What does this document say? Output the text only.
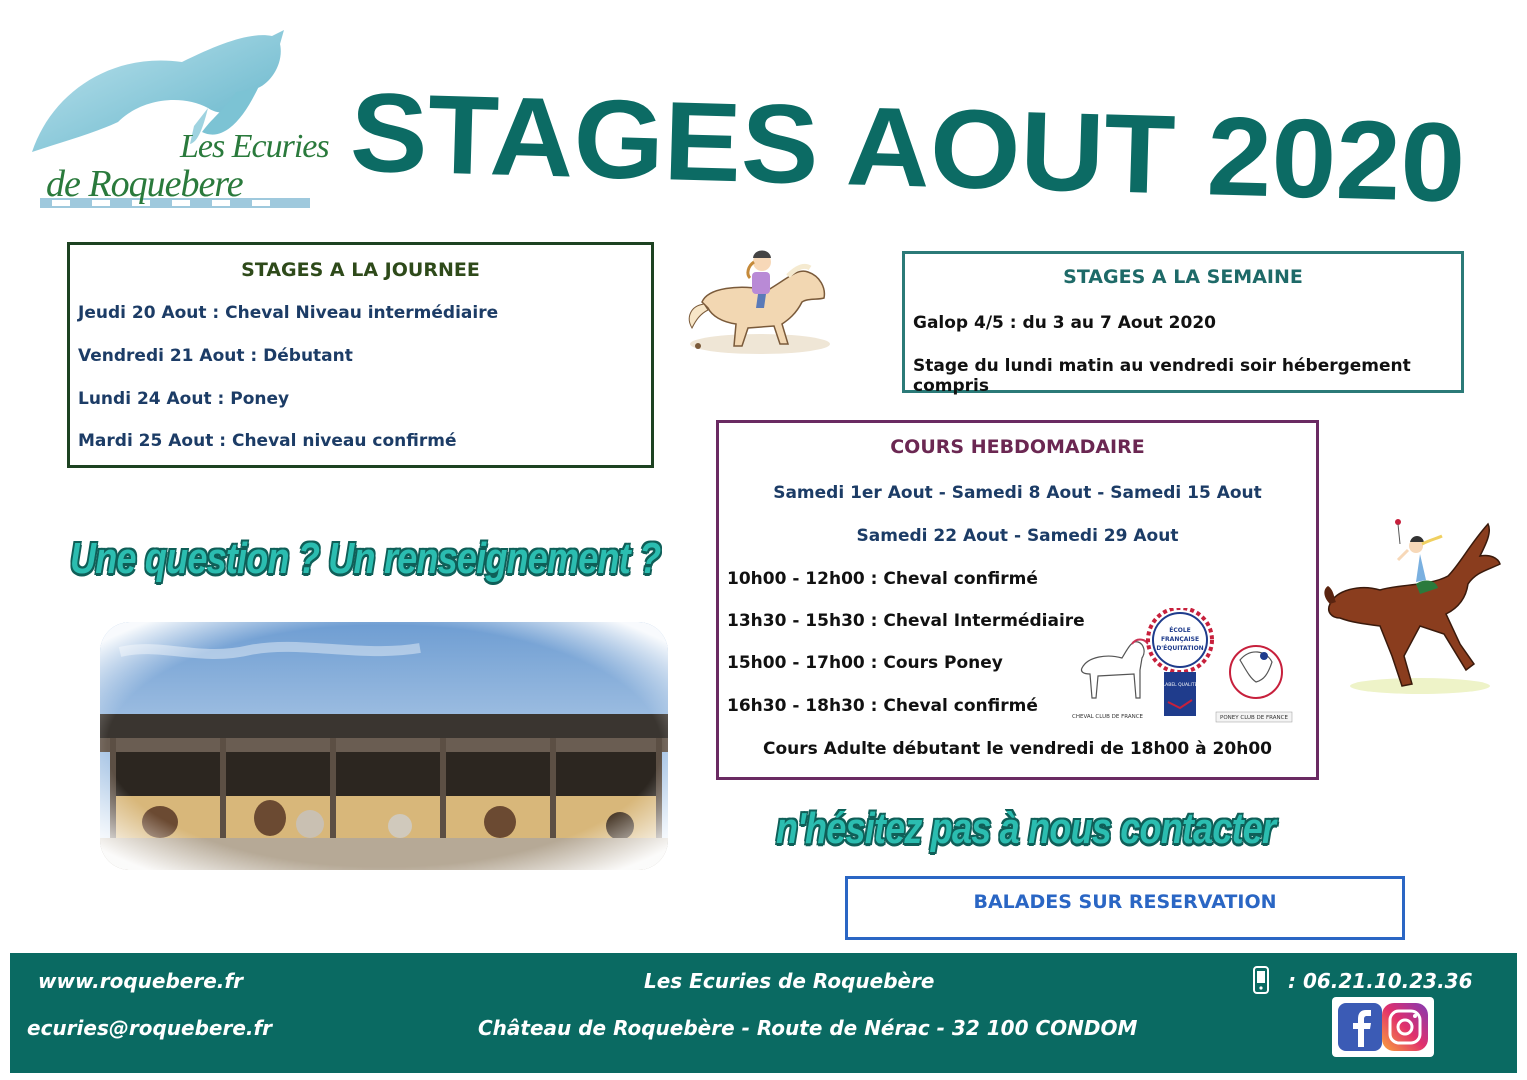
Les Ecuries
de Roquebere STAGES AOUT 2020
STAGES A LA JOURNEE
Jeudi 20 Aout : Cheval Niveau intermédiaire
Vendredi 21 Aout : Débutant
Lundi 24 Aout : Poney
Mardi 25 Aout : Cheval niveau confirmé
STAGES A LA SEMAINE
Galop 4/5 : du 3 au 7 Aout 2020
Stage du lundi matin au vendredi soir hébergement compris
COURS HEBDOMADAIRE
Samedi 1er Aout - Samedi 8 Aout - Samedi 15 Aout
Samedi 22 Aout - Samedi 29 Aout
10h00 - 12h00 : Cheval confirmé
13h30 - 15h30 : Cheval Intermédiaire
15h00 - 17h00 : Cours Poney
16h30 - 18h30 : Cheval confirmé
Cours Adulte débutant le vendredi de 18h00 à 20h00
CHEVAL CLUB DE FRANCE
ÉCOLE
FRANÇAISE
D'ÉQUITATION
LABEL QUALITÉ
PONEY CLUB DE FRANCE
Une question ? Un renseignement ?
n'hésitez pas à nous contacter
BALADES SUR RESERVATION
www.roquebere.fr
ecuries@roquebere.fr
Les Ecuries de Roquebère
Château de Roquebère - Route de Nérac - 32 100 CONDOM
: 06.21.10.23.36
